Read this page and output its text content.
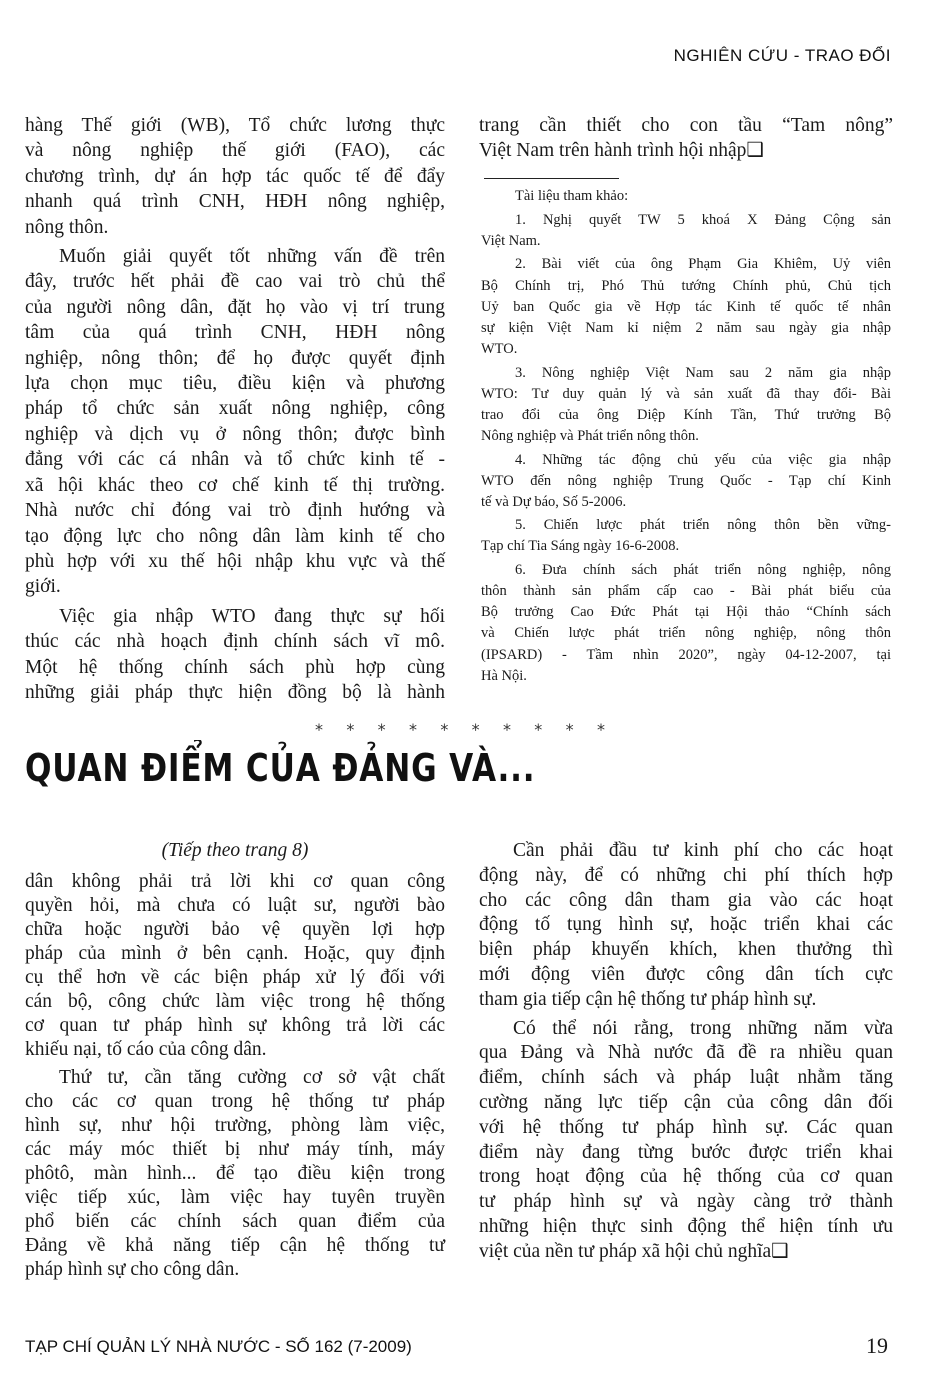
NGHIÊN CỨU - TRAO ĐỔI
hàng Thế giới (WB), Tổ chức lương thực
và nông nghiệp thế giới (FAO), các
chương trình, dự án hợp tác quốc tế để đẩy
nhanh quá trình CNH, HĐH nông nghiệp,
nông thôn.
Muốn giải quyết tốt những vấn đề trên
đây, trước hết phải đề cao vai trò chủ thể
của người nông dân, đặt họ vào vị trí trung
tâm của quá trình CNH, HĐH nông
nghiệp, nông thôn; để họ được quyết định
lựa chọn mục tiêu, điều kiện và phương
pháp tổ chức sản xuất nông nghiệp, công
nghiệp và dịch vụ ở nông thôn; được bình
đẳng với các cá nhân và tổ chức kinh tế -
xã hội khác theo cơ chế kinh tế thị trường.
Nhà nước chỉ đóng vai trò định hướng và
tạo động lực cho nông dân làm kinh tế cho
phù hợp với xu thế hội nhập khu vực và thế
giới.
Việc gia nhập WTO đang thực sự hối
thúc các nhà hoạch định chính sách vĩ mô.
Một hệ thống chính sách phù hợp cùng
những giải pháp thực hiện đồng bộ là hành
trang cần thiết cho con tầu “Tam nông”
Việt Nam trên hành trình hội nhập❑
Tài liệu tham khảo:
1. Nghị quyết TW 5 khoá X Đảng Cộng sản
Việt Nam.
2. Bài viết của ông Phạm Gia Khiêm, Uỷ viên
Bộ Chính trị, Phó Thủ tướng Chính phủ, Chủ tịch
Uỷ ban Quốc gia về Hợp tác Kinh tế quốc tế nhân
sự kiện Việt Nam kỉ niệm 2 năm sau ngày gia nhập
WTO.
3. Nông nghiệp Việt Nam sau 2 năm gia nhập
WTO: Tư duy quản lý và sản xuất đã thay đổi- Bài
trao đổi của ông Diệp Kính Tần, Thứ trưởng Bộ
Nông nghiệp và Phát triển nông thôn.
4. Những tác động chủ yếu của việc gia nhập
WTO đến nông nghiệp Trung Quốc - Tạp chí Kinh
tế và Dự báo, Số 5-2006.
5. Chiến lược phát triển nông thôn bền vững-
Tạp chí Tia Sáng ngày 16-6-2008.
6. Đưa chính sách phát triển nông nghiệp, nông
thôn thành sản phẩm cấp cao - Bài phát biểu của
Bộ trưởng Cao Đức Phát tại Hội thảo “Chính sách
và Chiến lược phát triển nông nghiệp, nông thôn
(IPSARD) - Tầm nhìn 2020”, ngày 04-12-2007, tại
Hà Nội.
* * * * * * * * * *
QUAN ĐIỂM CỦA ĐẢNG VÀ...
(Tiếp theo trang 8)
dân không phải trả lời khi cơ quan công
quyền hỏi, mà chưa có luật sư, người bào
chữa hoặc người bảo vệ quyền lợi hợp
pháp của mình ở bên cạnh. Hoặc, quy định
cụ thể hơn về các biện pháp xử lý đối với
cán bộ, công chức làm việc trong hệ thống
cơ quan tư pháp hình sự không trả lời các
khiếu nại, tố cáo của công dân.
Thứ tư, cần tăng cường cơ sở vật chất
cho các cơ quan trong hệ thống tư pháp
hình sự, như hội trường, phòng làm việc,
các máy móc thiết bị như máy tính, máy
phôtô, màn hình... để tạo điều kiện trong
việc tiếp xúc, làm việc hay tuyên truyền
phổ biến các chính sách quan điểm của
Đảng về khả năng tiếp cận hệ thống tư
pháp hình sự cho công dân.
Cần phải đầu tư kinh phí cho các hoạt
động này, để có những chi phí thích hợp
cho các công dân tham gia vào các hoạt
động tố tụng hình sự, hoặc triển khai các
biện pháp khuyến khích, khen thưởng thì
mới động viên được công dân tích cực
tham gia tiếp cận hệ thống tư pháp hình sự.
Có thể nói rằng, trong những năm vừa
qua Đảng và Nhà nước đã đề ra nhiều quan
điểm, chính sách và pháp luật nhằm tăng
cường năng lực tiếp cận của công dân đối
với hệ thống tư pháp hình sự. Các quan
điểm này đang từng bước được triển khai
trong hoạt động của hệ thống của cơ quan
tư pháp hình sự và ngày càng trở thành
những hiện thực sinh động thể hiện tính ưu
việt của nền tư pháp xã hội chủ nghĩa❑
TẠP CHÍ QUẢN LÝ NHÀ NƯỚC - SỐ 162 (7-2009)	19
